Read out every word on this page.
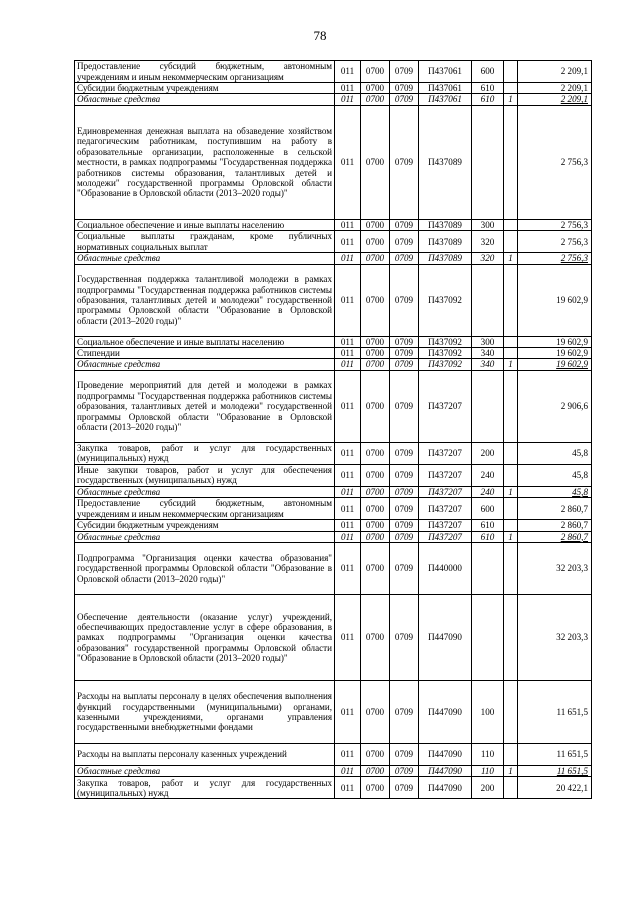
78
Предоставление субсидий бюджетным, автономным учреждениям и иным некоммерческим организациям	011	0700	0709	П437061	600		2 209,1
Субсидии бюджетным учреждениям	011	0700	0709	П437061	610		2 209,1
Областные средства	011	0700	0709	П437061	610	1	2 209,1
Единовременная денежная выплата на обзаведение хозяйством педагогическим работникам, поступившим на работу в образовательные организации, расположенные в сельской местности, в рамках подпрограммы "Государственная поддержка работников системы образования, талантливых детей и молодежи" государственной программы Орловской области "Образование в Орловской области (2013–2020 годы)"	011	0700	0709	П437089			2 756,3
Социальное обеспечение и иные выплаты населению	011	0700	0709	П437089	300		2 756,3
Социальные выплаты гражданам, кроме публичных нормативных социальных выплат	011	0700	0709	П437089	320		2 756,3
Областные средства	011	0700	0709	П437089	320	1	2 756,3
Государственная поддержка талантливой молодежи в рамках подпрограммы "Государственная поддержка работников системы образования, талантливых детей и молодежи" государственной программы Орловской области "Образование в Орловской области (2013–2020 годы)"	011	0700	0709	П437092			19 602,9
Социальное обеспечение и иные выплаты населению	011	0700	0709	П437092	300		19 602,9
Стипендии	011	0700	0709	П437092	340		19 602,9
Областные средства	011	0700	0709	П437092	340	1	19 602,9
Проведение мероприятий для детей и молодежи в рамках подпрограммы "Государственная поддержка работников системы образования, талантливых детей и молодежи" государственной программы Орловской области "Образование в Орловской области (2013–2020 годы)"	011	0700	0709	П437207			2 906,6
Закупка товаров, работ и услуг для государственных (муниципальных) нужд	011	0700	0709	П437207	200		45,8
Иные закупки товаров, работ и услуг для обеспечения государственных (муниципальных) нужд	011	0700	0709	П437207	240		45,8
Областные средства	011	0700	0709	П437207	240	1	45,8
Предоставление субсидий бюджетным, автономным учреждениям и иным некоммерческим организациям	011	0700	0709	П437207	600		2 860,7
Субсидии бюджетным учреждениям	011	0700	0709	П437207	610		2 860,7
Областные средства	011	0700	0709	П437207	610	1	2 860,7
Подпрограмма "Организация оценки качества образования" государственной программы Орловской области "Образование в Орловской области (2013–2020 годы)"	011	0700	0709	П440000			32 203,3
Обеспечение деятельности (оказание услуг) учреждений, обеспечивающих предоставление услуг в сфере образования, в рамках подпрограммы "Организация оценки качества образования" государственной программы Орловской области "Образование в Орловской области (2013–2020 годы)"	011	0700	0709	П447090			32 203,3
Расходы на выплаты персоналу в целях обеспечения выполнения функций государственными (муниципальными) органами, казенными учреждениями, органами управления государственными внебюджетными фондами	011	0700	0709	П447090	100		11 651,5
Расходы на выплаты персоналу казенных учреждений	011	0700	0709	П447090	110		11 651,5
Областные средства	011	0700	0709	П447090	110	1	11 651,5
Закупка товаров, работ и услуг для государственных (муниципальных) нужд	011	0700	0709	П447090	200		20 422,1
